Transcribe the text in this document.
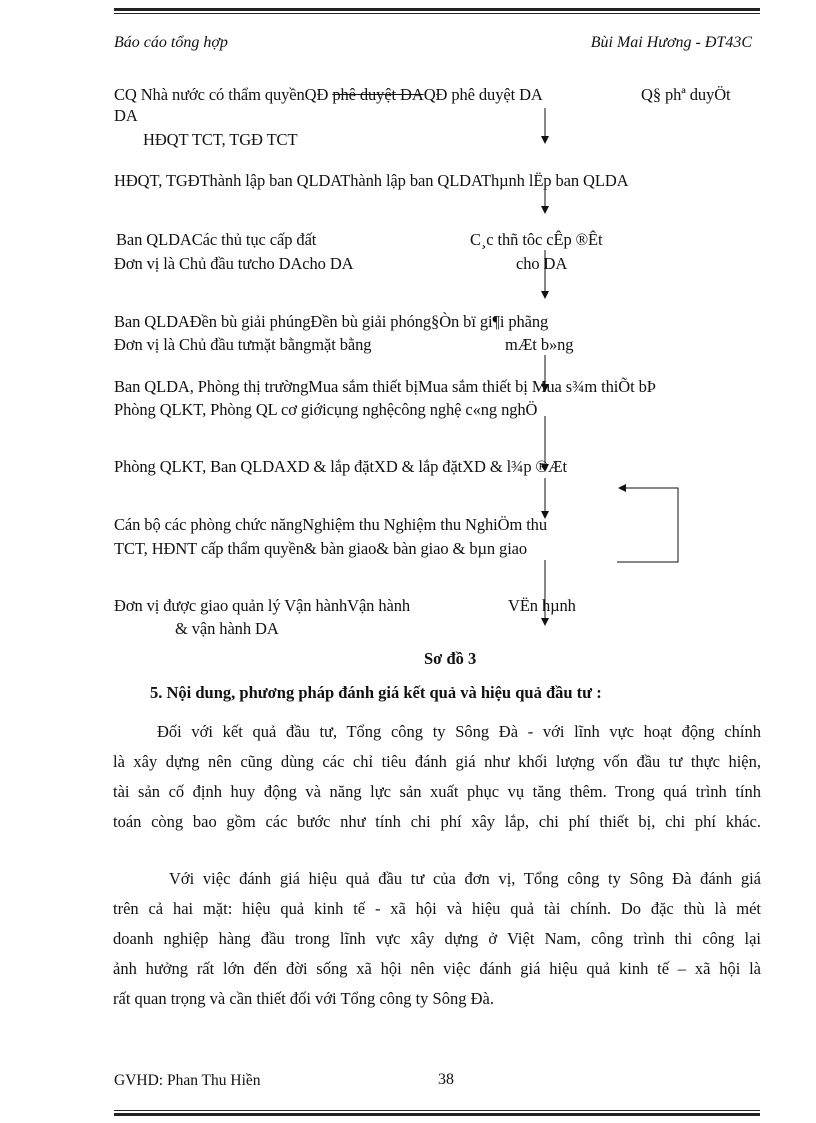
Báo cáo tổng hợp	Bùi Mai Hương - ĐT43C
CQ Nhà nước có thẩm quyềnQĐ phê duyệt ĐAQĐ phê duyệt DA	Q§ phª duyÖt
DA
HĐQT TCT, TGĐ TCT
HĐQT, TGĐThành lập ban QLDAThành lập ban QLDAThµnh lËp ban QLDA
Ban QLDACác thủ tục cấp đất	C¸c thñ tôc cÊp ®Êt
Đơn vị là Chủ đầu tưcho DAcho DA	cho DA
Ban QLDAĐền bù giải phúngĐền bù giải phóng§Òn bï gi¶i phãng
Đơn vị là Chủ đầu tưmặt bằngmặt bằng	mÆt b»ng
Ban QLDA, Phòng thị trườngMua sắm thiết bịMua sắm thiết bị Mua s¾m thiÕt bÞ
Phòng QLKT, Phòng QL cơ giớicụng nghệcông nghệ c«ng nghÖ
Phòng QLKT, Ban QLDAXD & lắp đặtXD & lắp đặtXD & l¾p ®Æt
Cán bộ các phòng chức năngNghiệm thu Nghiệm thu NghiÖm thu
TCT, HĐNT cấp thẩm quyền& bàn giao& bàn giao & bµn giao
Đơn vị được giao quản lý Vận hànhVận hành	VËn hµnh
& vận hành DA
Sơ đồ 3
5. Nội dung, phương pháp đánh giá kết quả và hiệu quả đầu tư :
Đối với kết quả đầu tư, Tổng công ty Sông Đà - với lĩnh vực hoạt động chính
là xây dựng nên cũng dùng các chỉ tiêu đánh giá như khối lượng vốn đầu tư thực hiện,
tài sản cố định huy động và năng lực sản xuất phục vụ tăng thêm. Trong quá trình tính
toán còng bao gồm các bước như tính chi phí xây lắp, chi phí thiết bị, chi phí khác.
Với việc đánh giá hiệu quả đầu tư của đơn vị, Tổng công ty Sông Đà đánh giá
trên cả hai mặt: hiệu quả kinh tế - xã hội và hiệu quả tài chính. Do đặc thù là mét
doanh nghiệp hàng đầu trong lĩnh vực xây dựng ở Việt Nam, công trình thi công lại
ảnh hưởng rất lớn đến đời sống xã hội nên việc đánh giá hiệu quả kinh tế – xã hội là
rất quan trọng và cần thiết đối với Tổng công ty Sông Đà.
GVHD: Phan Thu Hiền	38
